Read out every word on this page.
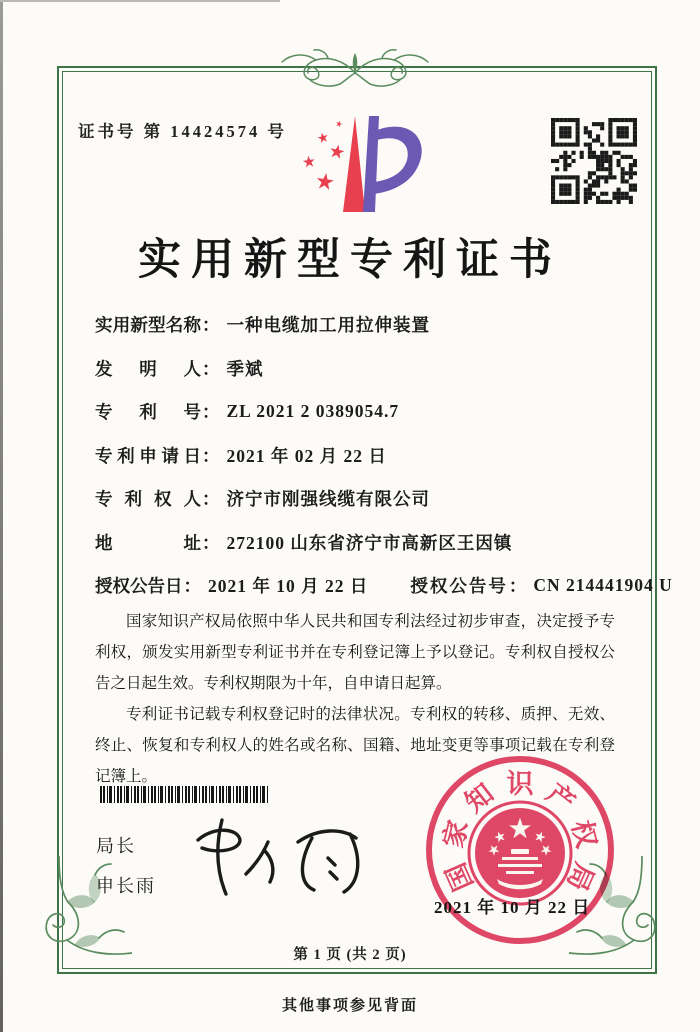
证书号 第 14424574 号
实用新型专利证书
实用新型名称 ： 一种电缆加工用拉伸装置
发明人 ： 季斌
专利号 ： ZL 2021 2 0389054.7
专利申请日 ： 2021 年 02 月 22 日
专利权人 ： 济宁市刚强线缆有限公司
地址 ： 272100 山东省济宁市高新区王因镇
授权公告日 ： 2021 年 10 月 22 日 授权公告号 ： CN 214441904 U

国家知识产权局依照中华人民共和国专利法经过初步审查，决定授予专利权，颁发实用新型专利证书并在专利登记簿上予以登记。专利权自授权公告之日起生效。专利权期限为十年，自申请日起算。

专利证书记载专利权登记时的法律状况。专利权的转移、质押、无效、终止、恢复和专利权人的姓名或名称、国籍、地址变更等事项记载在专利登记簿上。

局长
申长雨	国
家
知 识 产
权
局
2021 年 10 月 22 日
第 1 页 (共 2 页)
其他事项参见背面
